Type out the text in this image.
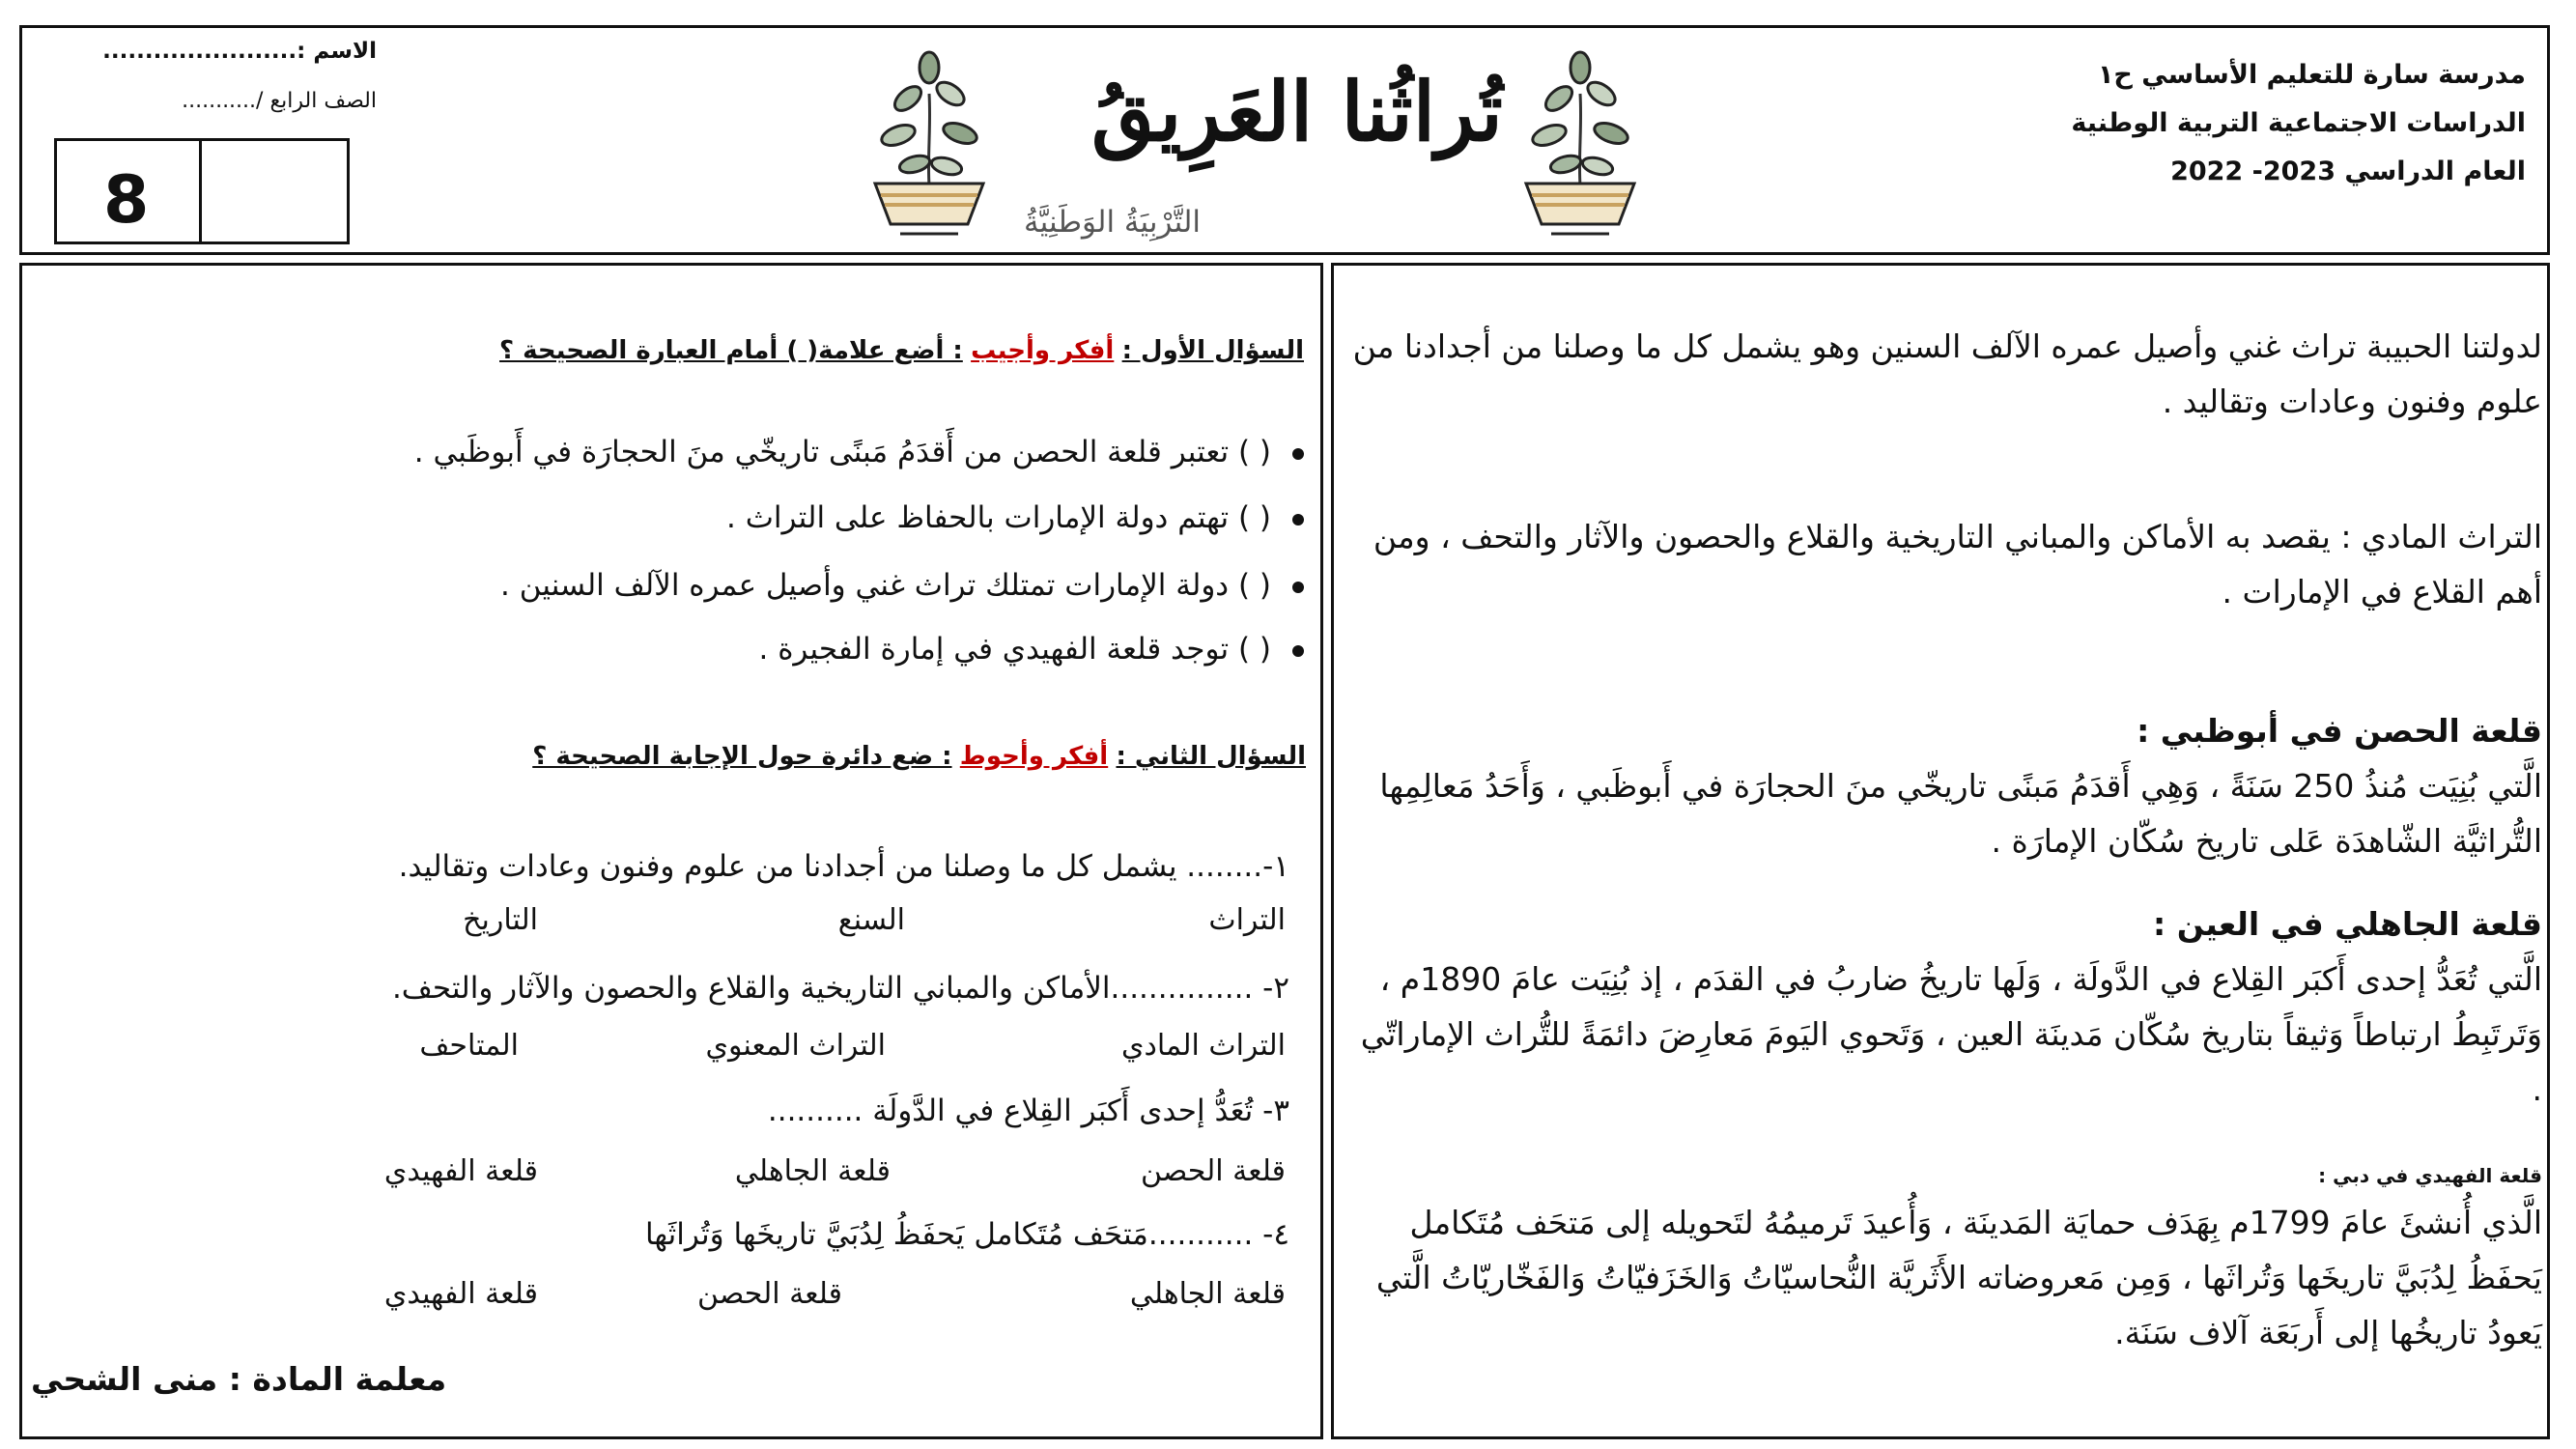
مدرسة سارة للتعليم الأساسي ح١
الدراسات الاجتماعية التربية الوطنية
العام الدراسي 2023- 2022
تُراثُنا العَرِيقُ
التَّرْبِيَةُ الوَطَنِيَّةُ
الاسم :.......................
الصف الرابع /...........
8
لدولتنا الحبيبة تراث غني وأصيل عمره الآلف السنين وهو يشمل كل ما وصلنا من أجدادنا من علوم وفنون وعادات وتقاليد .
التراث المادي : يقصد به الأماكن والمباني التاريخية والقلاع والحصون والآثار والتحف ، ومن أهم القلاع في الإمارات .
قلعة الحصن في أبوظبي :
الَّتي بُنِيَت مُنذُ 250 سَنَةً ، وَهِي أَقدَمُ مَبنًى تاريخّي منَ الحجارَة في أَبوظَبي ، وَأَحَدُ مَعالِمِها التُّراثيَّة الشّاهدَة عَلى تاريخ سُكّان الإمارَة .
قلعة الجاهلي في العين :
الَّتي تُعَدُّ إحدى أَكبَر القِلاع في الدَّولَة ، وَلَها تاريخُ ضاربُ في القدَم ، إذ بُنِيَت عامَ 1890م ، وَتَرتَبِطُ ارتباطاً وَثيقاً بتاريخ سُكّان مَدينَة العين ، وَتَحوي اليَومَ مَعارِضَ دائمَةً للتُّراث الإماراتّي .
قلعة الفهيدي في دبي :
الَّذي أُنشئَ عامَ 1799م بِهَدَف حمايَة المَدينَة ، وَأُعيدَ تَرميمُهُ لتَحويله إلى مَتحَف مُتَكامل يَحفَظُ لِدُبَيَّ تاريخَها وَتُراثَها ، وَمِن مَعروضاته الأَثَريَّة النُّحاسيّاتُ وَالخَزَفيّاتُ وَالفَخّاريّاتُ الَّتي يَعودُ تاريخُها إلى أَربَعَة آلاف سَنَة.
السؤال الأول : أفكر وأجيب : أضع علامة( ) أمام العبارة الصحيحة ؟
( ) تعتبر قلعة الحصن من أَقدَمُ مَبنًى تاريخّي منَ الحجارَة في أَبوظَبي .
( ) تهتم دولة الإمارات بالحفاظ على التراث .
( ) دولة الإمارات تمتلك تراث غني وأصيل عمره الآلف السنين .
( ) توجد قلعة الفهيدي في إمارة الفجيرة .
السؤال الثاني : أفكر وأحوط : ضع دائرة حول الإجابة الصحيحة ؟
١-........ يشمل كل ما وصلنا من أجدادنا من علوم وفنون وعادات وتقاليد.
التراث
السنع
التاريخ
٢- ...............الأماكن والمباني التاريخية والقلاع والحصون والآثار والتحف.
التراث المادي
التراث المعنوي
المتاحف
٣- تُعَدُّ إحدى أَكبَر القِلاع في الدَّولَة ..........
قلعة الحصن
قلعة الجاهلي
قلعة الفهيدي
٤- ...........مَتحَف مُتَكامل يَحفَظُ لِدُبَيَّ تاريخَها وَتُراثَها
قلعة الجاهلي
قلعة الحصن
قلعة الفهيدي
معلمة المادة : منى الشحي
